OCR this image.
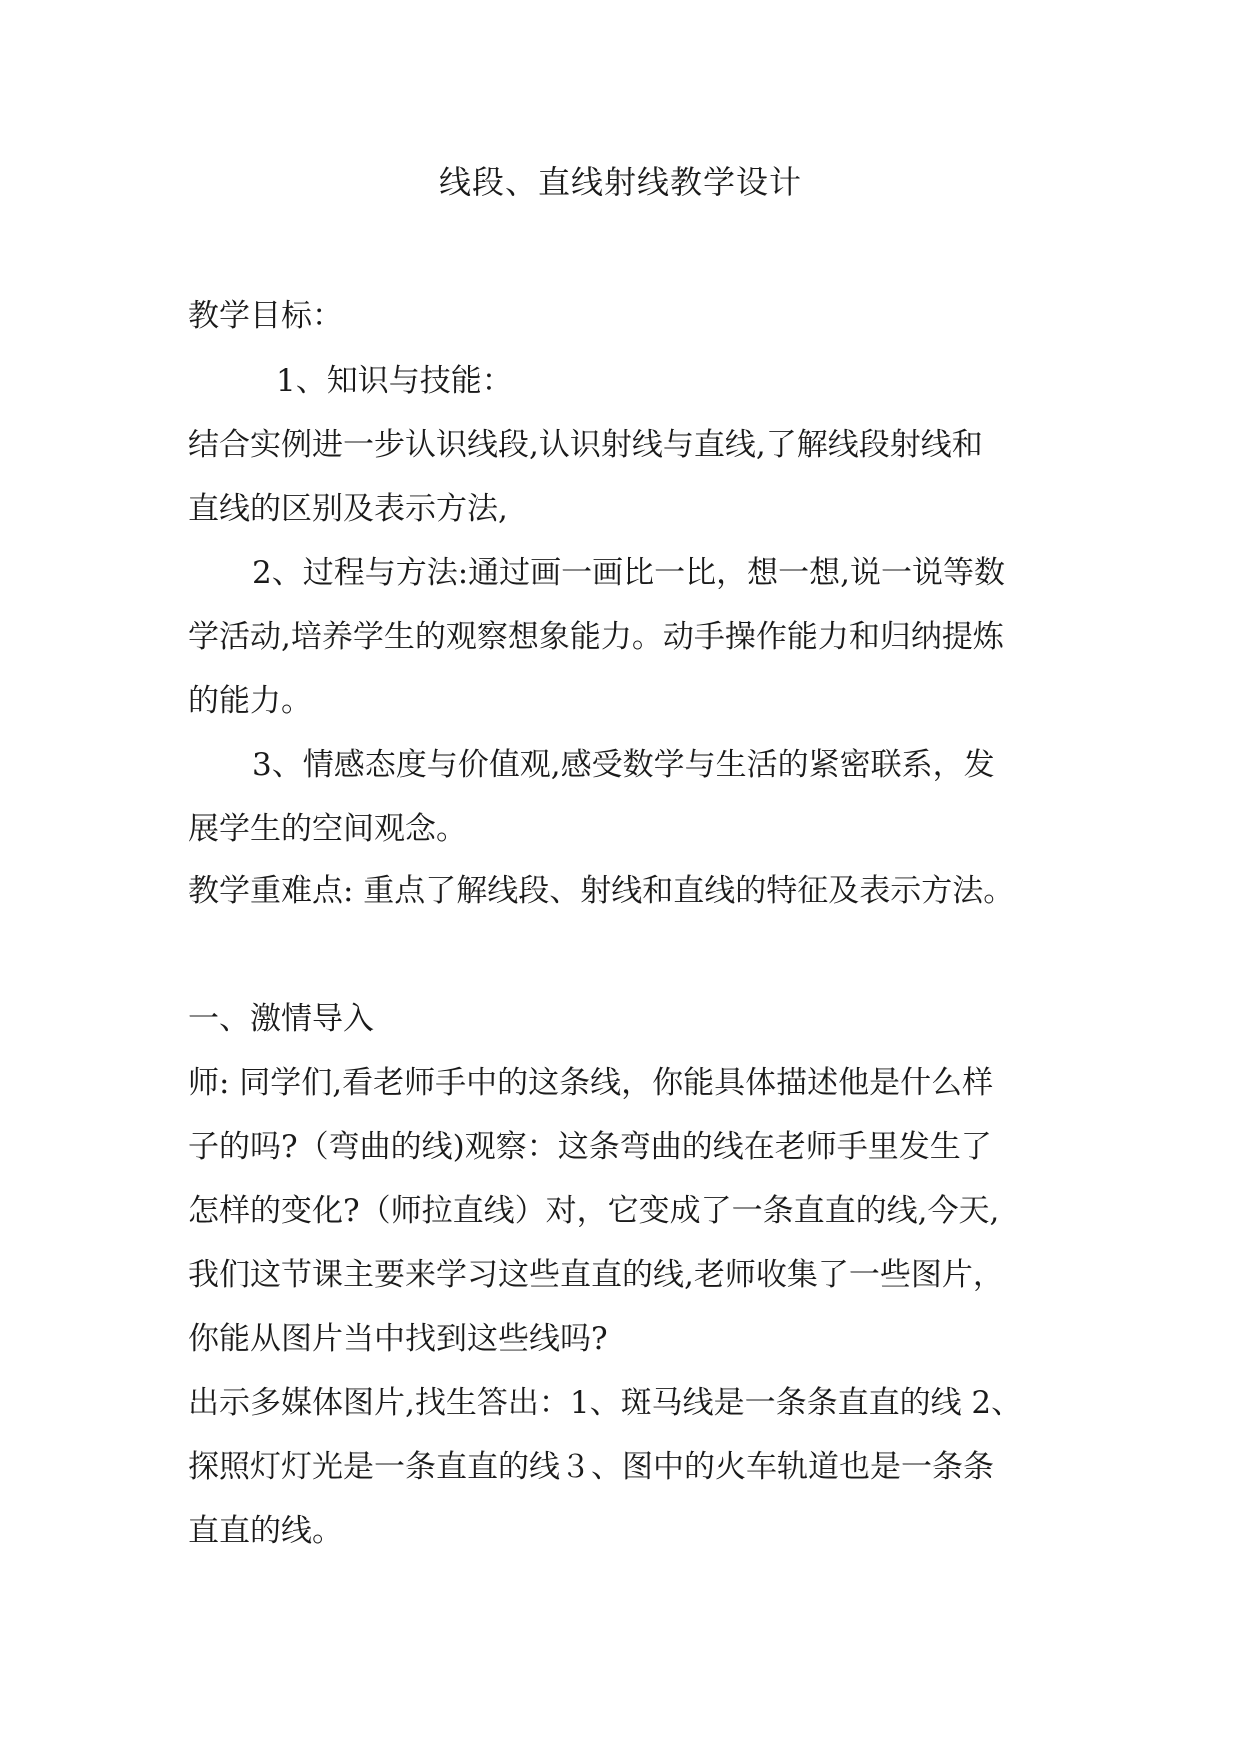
线段、直线射线教学设计
教学目标：
1、知识与技能：
结合实例进一步认识线段,认识射线与直线,了解线段射线和
直线的区别及表示方法,
2、过程与方法:通过画一画比一比，想一想,说一说等数
学活动,培养学生的观察想象能力。动手操作能力和归纳提炼
的能力。
3、情感态度与价值观,感受数学与生活的紧密联系，发
展学生的空间观念。
教学重难点: 重点了解线段、射线和直线的特征及表示方法。
一、激情导入
师: 同学们,看老师手中的这条线，你能具体描述他是什么样
子的吗?（弯曲的线)观察：这条弯曲的线在老师手里发生了
怎样的变化?（师拉直线）对，它变成了一条直直的线,今天,
我们这节课主要来学习这些直直的线,老师收集了一些图片，
你能从图片当中找到这些线吗?
出示多媒体图片,找生答出：1、斑马线是一条条直直的线 2、
探照灯灯光是一条直直的线３、图中的火车轨道也是一条条
直直的线。
